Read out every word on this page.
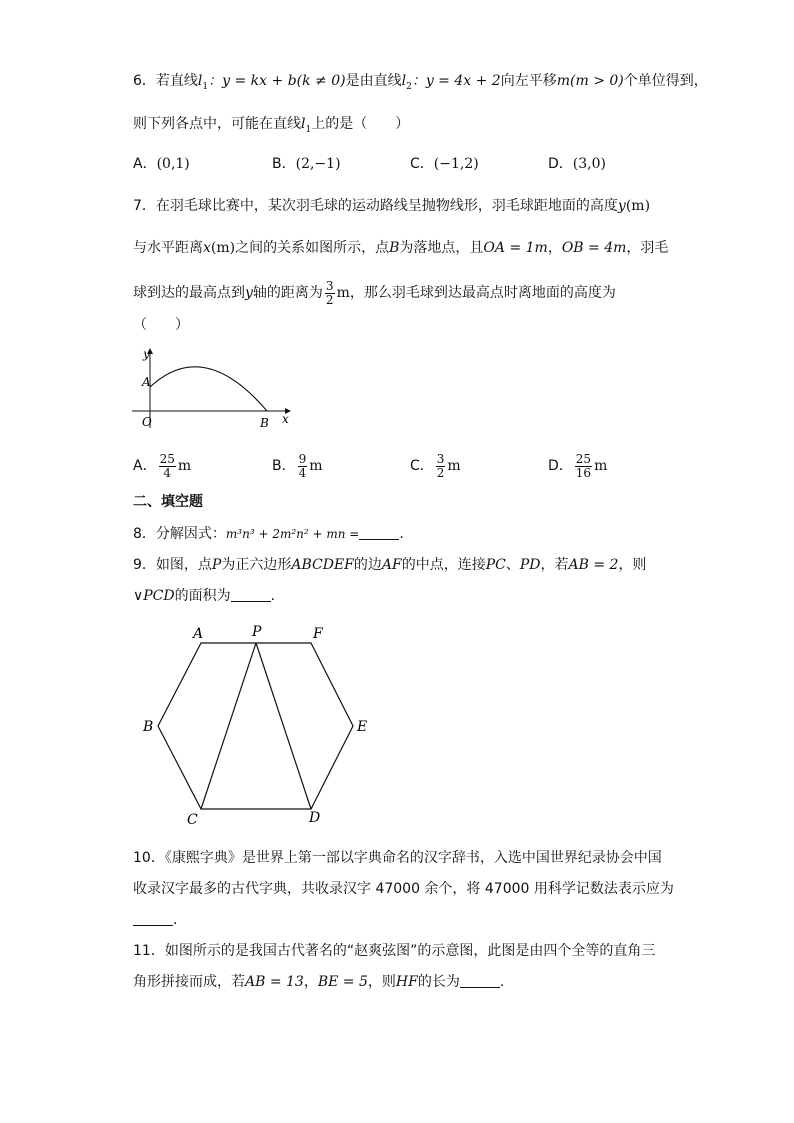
6．若直线$l_1$：y = kx + b(k ≠ 0)是由直线$l_2$：y = 4x + 2向左平移m(m > 0)个单位得到，
则下列各点中，可能在直线$l_1$上的是（　　）
A．(0,1)	B．(2,−1)	C．(−1,2)	D．(3,0)
7．在羽毛球比赛中，某次羽毛球的运动路线呈抛物线形，羽毛球距地面的高度y(m)
与水平距离x(m)之间的关系如图所示，点B为落地点，且OA = 1m，OB = 4m，羽毛
球到达的最高点到y轴的距离为 $\frac{3}{2}$ m，那么羽毛球到达最高点时离地面的高度为
（　　）
y
A
O	B x
A． $\frac{25}{4}$ m	B． $\frac{9}{4}$ m	C． $\frac{3}{2}$ m	D． $\frac{25}{16}$ m
二、填空题
8．分解因式：m³n³ + 2m²n² + mn =	.
9．如图，点P为正六边形ABCDEF的边AF的中点，连接PC、PD，若AB = 2，则
∨PCD的面积为	.
A	P	F
B	E
C	D
10．《康熙字典》是世界上第一部以字典命名的汉字辞书，入选中国世界纪录协会中国
收录汉字最多的古代字典，共收录汉字 47000 余个，将 47000 用科学记数法表示应为
.
11．如图所示的是我国古代著名的“赵爽弦图”的示意图，此图是由四个全等的直角三
角形拼接而成，若AB = 13，BE = 5，则HF的长为	.
